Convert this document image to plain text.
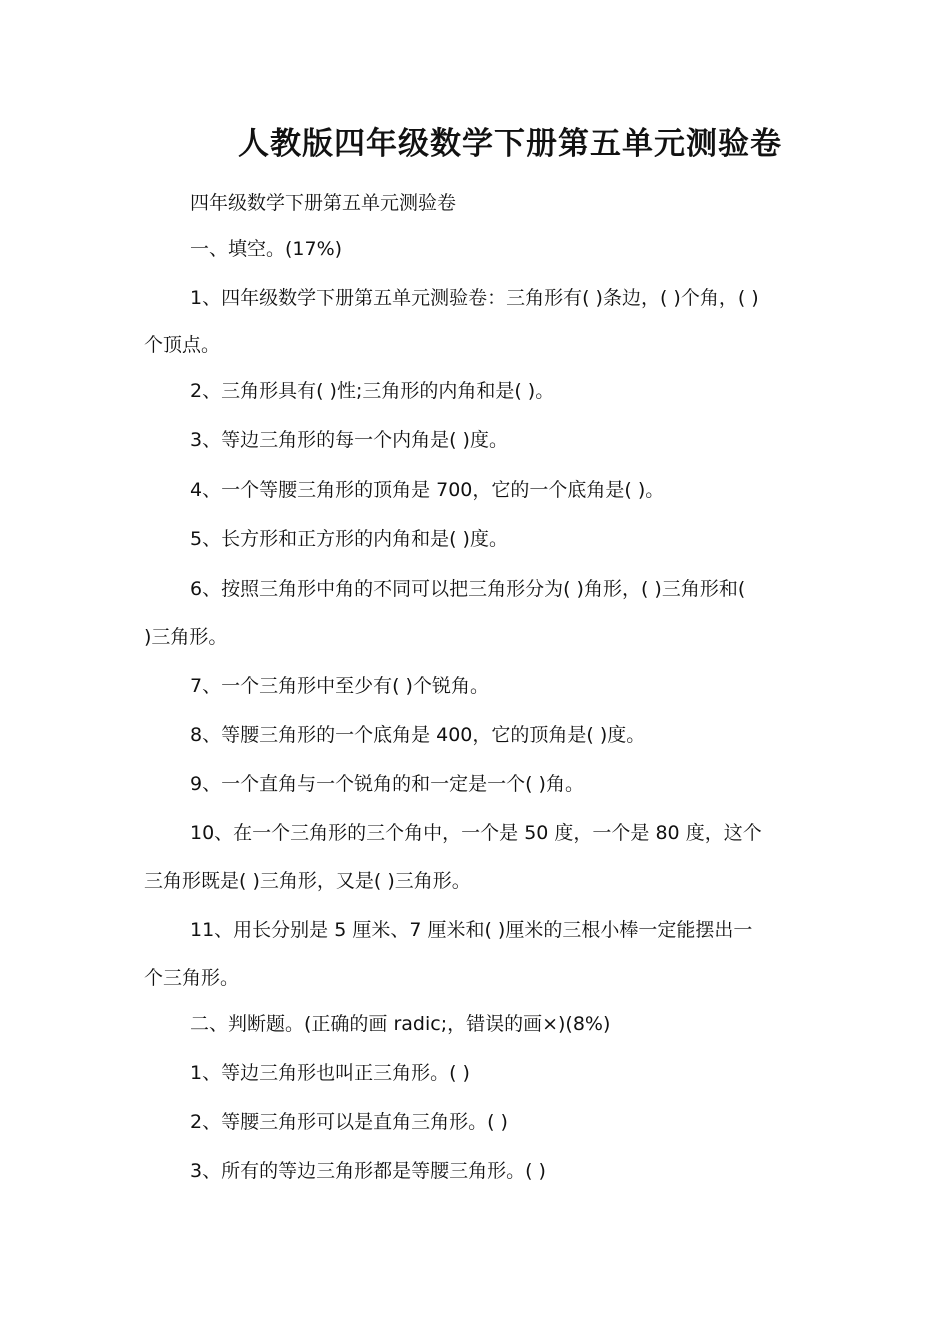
人教版四年级数学下册第五单元测验卷
四年级数学下册第五单元测验卷
一、填空。(17%)
1、四年级数学下册第五单元测验卷：三角形有( )条边，( )个角，( )
个顶点。
2、三角形具有( )性;三角形的内角和是( )。
3、等边三角形的每一个内角是( )度。
4、一个等腰三角形的顶角是 700，它的一个底角是( )。
5、长方形和正方形的内角和是( )度。
6、按照三角形中角的不同可以把三角形分为( )角形，( )三角形和(
)三角形。
7、一个三角形中至少有( )个锐角。
8、等腰三角形的一个底角是 400，它的顶角是( )度。
9、一个直角与一个锐角的和一定是一个( )角。
10、在一个三角形的三个角中，一个是 50 度，一个是 80 度，这个
三角形既是( )三角形，又是( )三角形。
11、用长分别是 5 厘米、7 厘米和( )厘米的三根小棒一定能摆出一
个三角形。
二、判断题。(正确的画 radic;，错误的画×)(8%)
1、等边三角形也叫正三角形。( )
2、等腰三角形可以是直角三角形。( )
3、所有的等边三角形都是等腰三角形。( )
